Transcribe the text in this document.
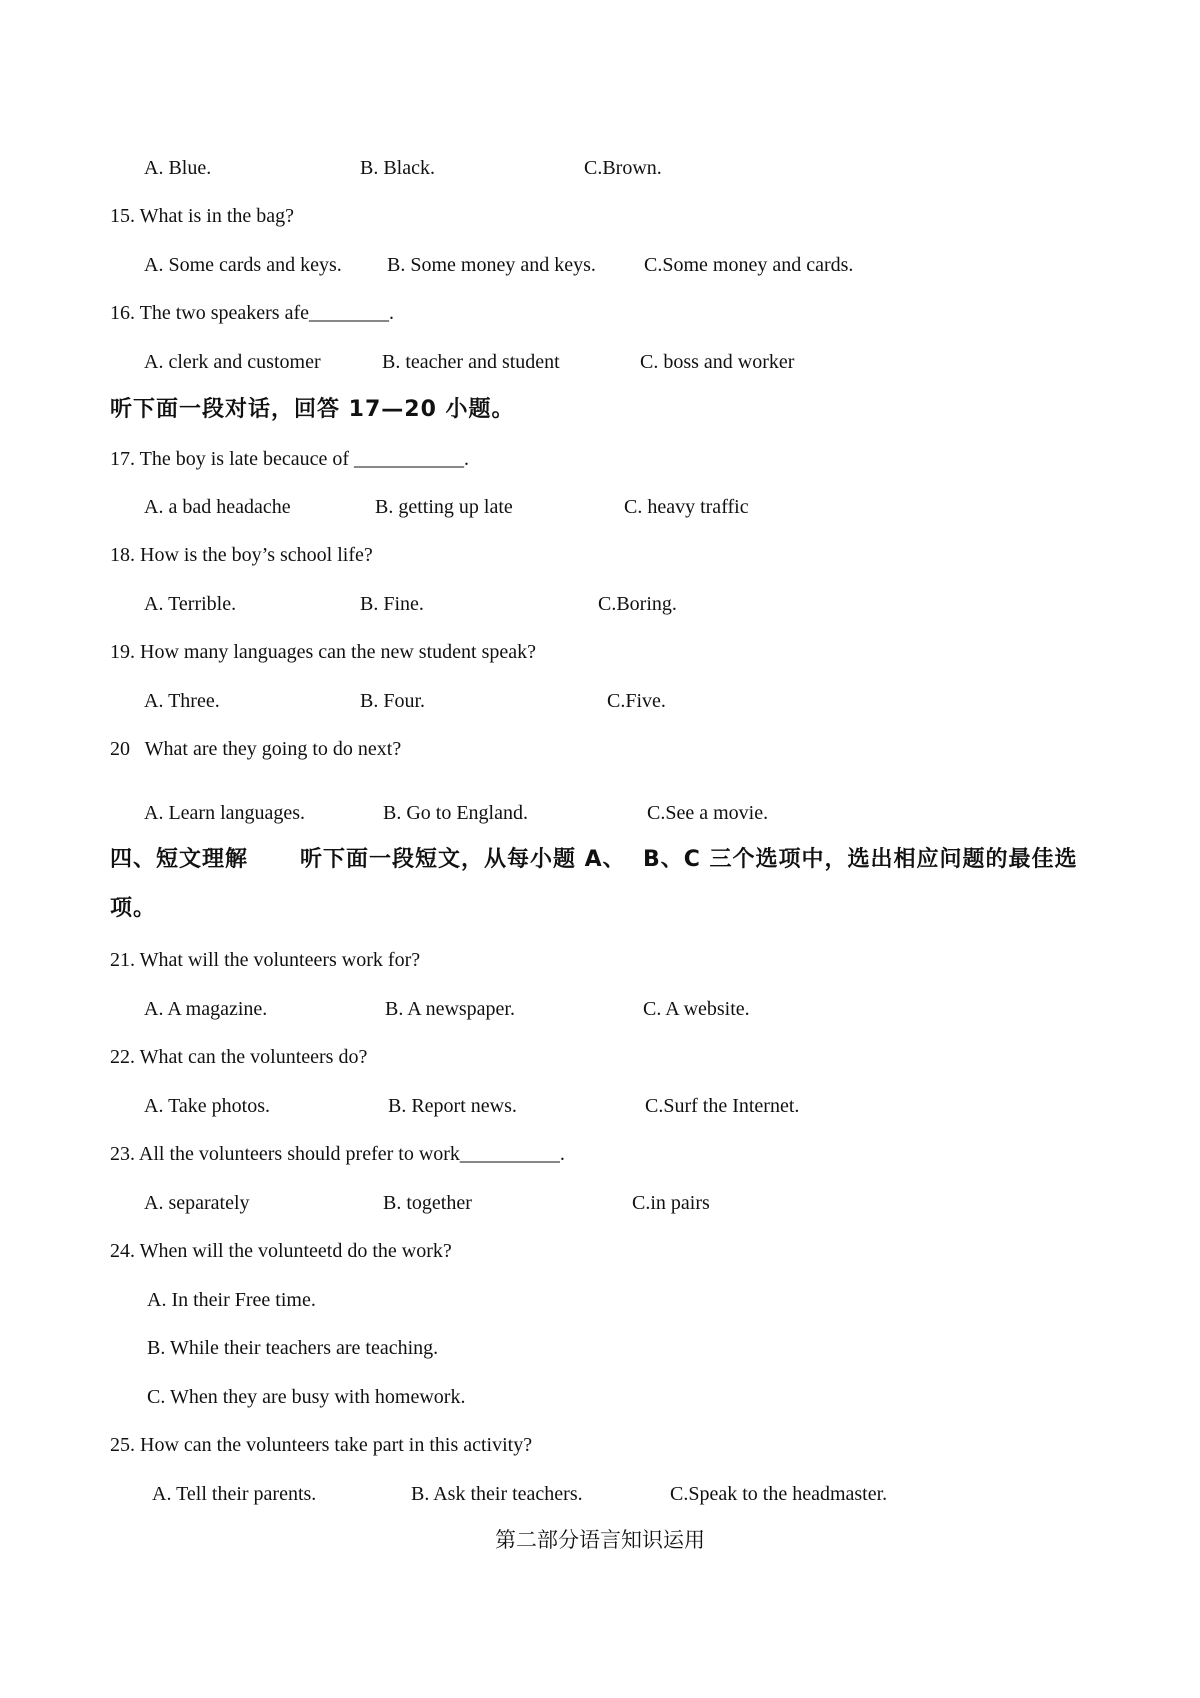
A. Blue.	B. Black.	C.Brown.
15. What is in the bag?
A. Some cards and keys. B. Some money and keys. C.Some money and cards.
16. The two speakers afe________.
A. clerk and customer	B. teacher and student	C. boss and worker
听下面一段对话，回答 17—20 小题。
17. The boy is late becauce of ___________.
A. a bad headache	B. getting up late	C. heavy traffic
18. How is the boy’s school life?
A. Terrible.	B. Fine.	C.Boring.
19. How many languages can the new student speak?
A. Three.	B. Four.	C.Five.
20   What are they going to do next?
A. Learn languages.	B. Go to England.	C.See a movie.
四、短文理解      听下面一段短文，从每小题 A、  B、C 三个选项中，选出相应问题的最佳选
项。
21. What will the volunteers work for?
A. A magazine.	B. A newspaper.	C. A website.
22. What can the volunteers do?
A. Take photos.	B. Report news.	C.Surf the Internet.
23. All the volunteers should prefer to work__________.
A. separately	B. together	C.in pairs
24. When will the volunteetd do the work?
A. In their Free time.
B. While their teachers are teaching.
C. When they are busy with homework.
25. How can the volunteers take part in this activity?
A. Tell their parents.	B. Ask their teachers.	C.Speak to the headmaster.
第二部分语言知识运用
